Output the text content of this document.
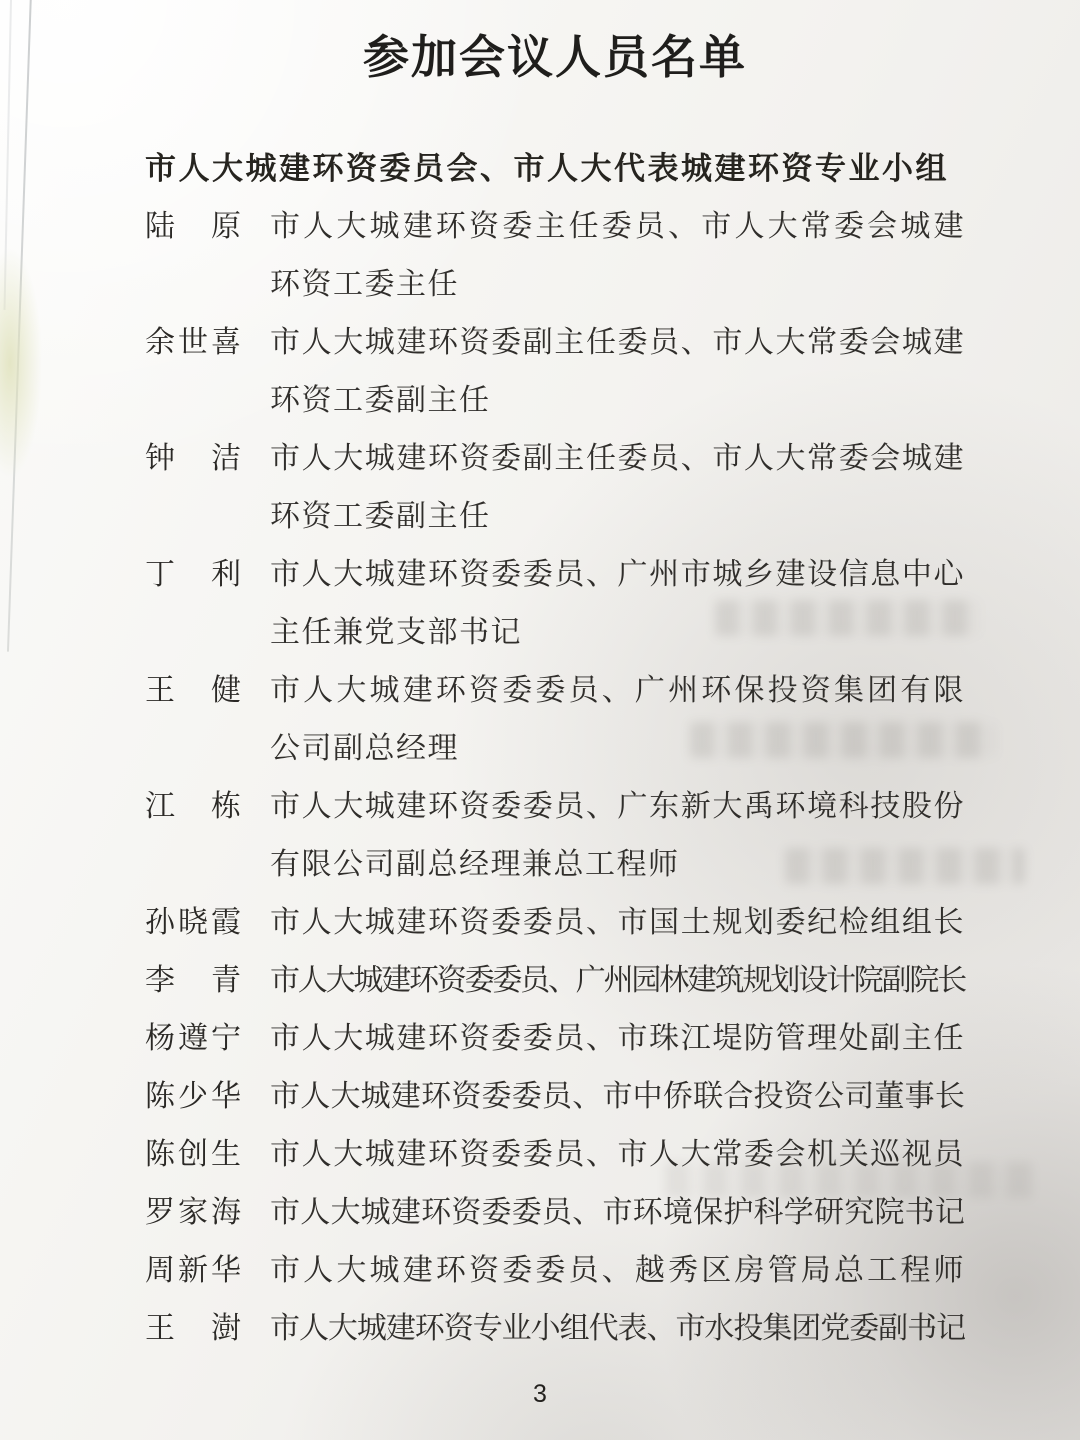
参加会议人员名单
市人大城建环资委员会、市人大代表城建环资专业小组
陆原 市人大城建环资委主任委员、市人大常委会城建
环资工委主任
余世喜 市人大城建环资委副主任委员、市人大常委会城建
环资工委副主任
钟洁 市人大城建环资委副主任委员、市人大常委会城建
环资工委副主任
丁利 市人大城建环资委委员、广州市城乡建设信息中心
主任兼党支部书记
王健 市人大城建环资委委员、广州环保投资集团有限
公司副总经理
江栋 市人大城建环资委委员、广东新大禹环境科技股份
有限公司副总经理兼总工程师
孙晓霞 市人大城建环资委委员、市国土规划委纪检组组长
李青 市人大城建环资委委员、广州园林建筑规划设计院副院长
杨遵宁 市人大城建环资委委员、市珠江堤防管理处副主任
陈少华 市人大城建环资委委员、市中侨联合投资公司董事长
陈创生 市人大城建环资委委员、市人大常委会机关巡视员
罗家海 市人大城建环资委委员、市环境保护科学研究院书记
周新华 市人大城建环资委委员、越秀区房管局总工程师
王澍 市人大城建环资专业小组代表、市水投集团党委副书记
3
